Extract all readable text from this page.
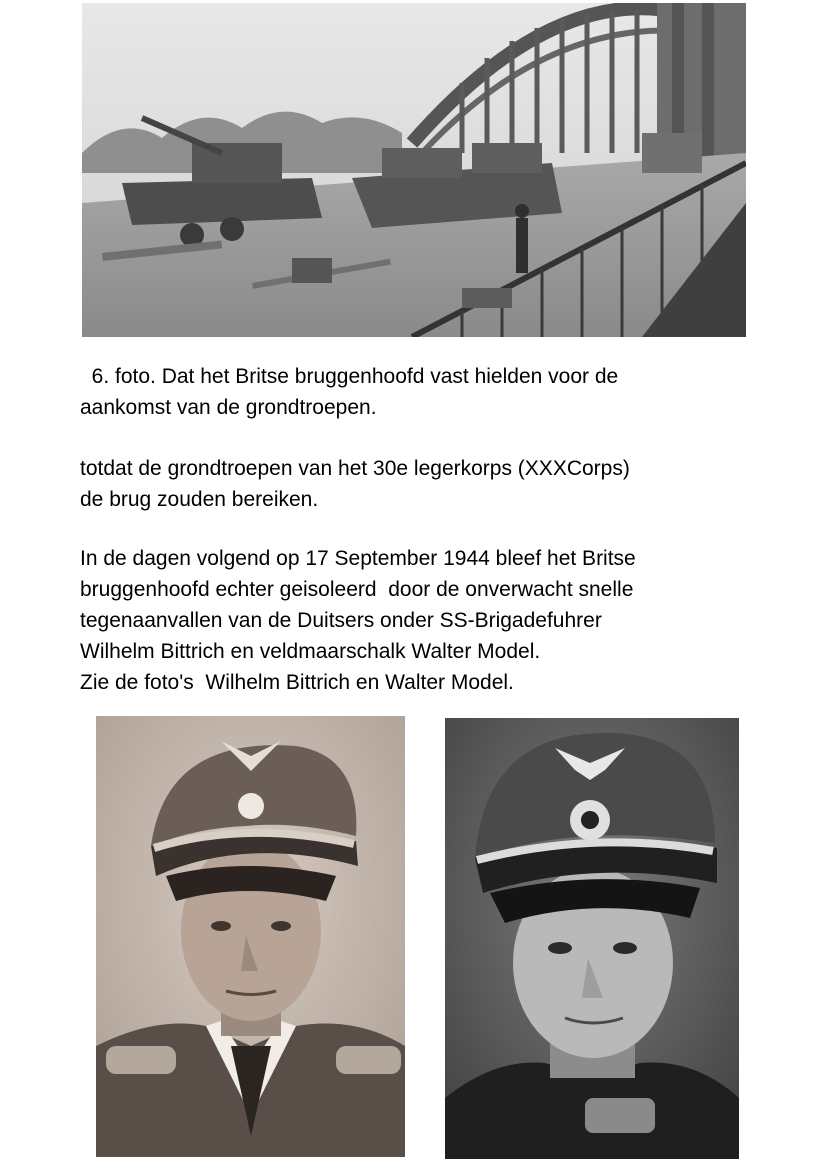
6. foto. Dat het Britse bruggenhoofd vast hielden voor de

aankomst van de grondtroepen.

totdat de grondtroepen van het 30e legerkorps (XXXCorps)

de brug zouden bereiken.

In de dagen volgend op 17 September 1944 bleef het Britse

bruggenhoofd echter geisoleerd  door de onverwacht snelle

tegenaanvallen van de Duitsers onder SS-Brigadefuhrer

Wilhelm Bittrich en veldmaarschalk Walter Model.

Zie de foto's  Wilhelm Bittrich en Walter Model.
